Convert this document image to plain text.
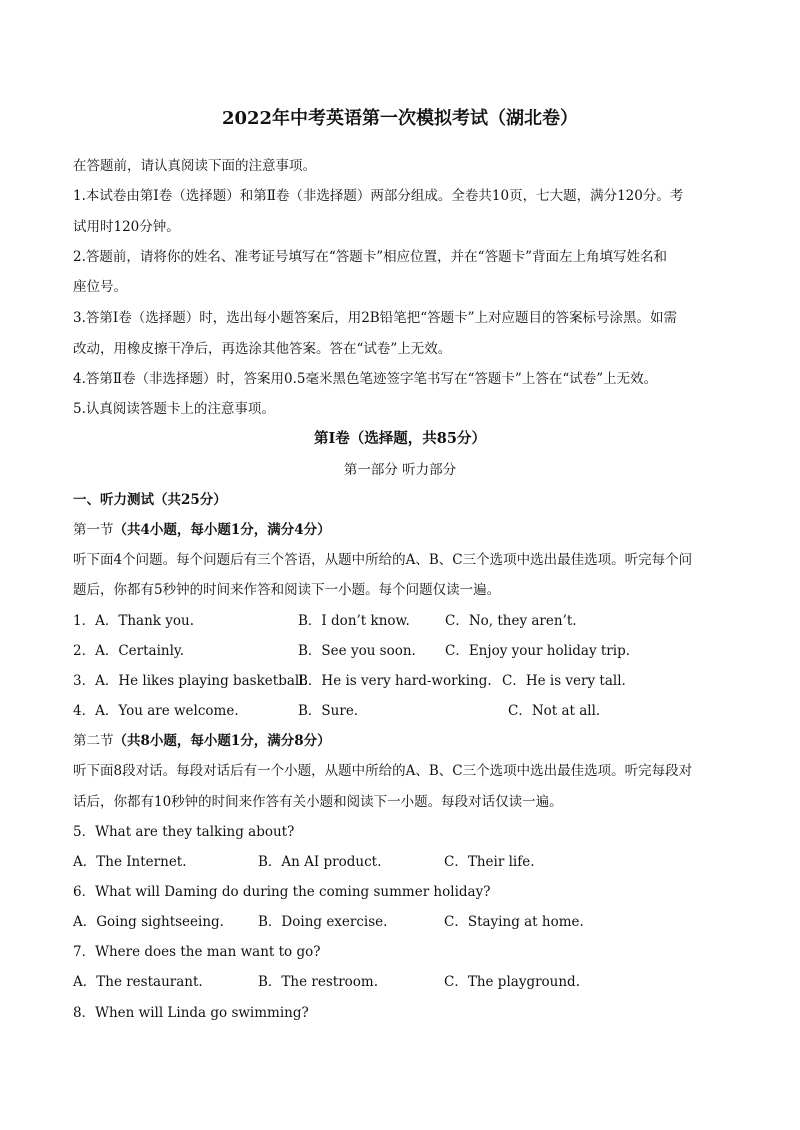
2022年中考英语第一次模拟考试（湖北卷）
在答题前，请认真阅读下面的注意事项。
1.本试卷由第Ⅰ卷（选择题）和第Ⅱ卷（非选择题）两部分组成。全卷共10页，七大题，满分120分。考
试用时120分钟。
2.答题前，请将你的姓名、准考证号填写在“答题卡”相应位置，并在“答题卡”背面左上角填写姓名和
座位号。
3.答第Ⅰ卷（选择题）时，选出每小题答案后，用2B铅笔把“答题卡”上对应题目的答案标号涂黑。如需
改动，用橡皮擦干净后，再选涂其他答案。答在“试卷”上无效。
4.答第Ⅱ卷（非选择题）时，答案用0.5毫米黑色笔迹签字笔书写在“答题卡”上答在“试卷”上无效。
5.认真阅读答题卡上的注意事项。
第Ⅰ卷（选择题，共85分）
第一部分 听力部分
一、听力测试（共25分）
第一节（共4小题，每小题1分，满分4分）
听下面4个问题。每个问题后有三个答语，从题中所给的A、B、C三个选项中选出最佳选项。听完每个问
题后，你都有5秒钟的时间来作答和阅读下一小题。每个问题仅读一遍。
1．A．Thank you.	B．I don’t know.	C．No, they aren’t.
2．A．Certainly.	B．See you soon. C．Enjoy your holiday trip.
3．A．He likes playing basketball.
B．He is very hard-working. C．He is very tall.
4．A．You are welcome.	B．Sure.	C．Not at all.
第二节（共8小题，每小题1分，满分8分）
听下面8段对话。每段对话后有一个小题，从题中所给的A、B、C三个选项中选出最佳选项。听完每段对
话后，你都有10秒钟的时间来作答有关小题和阅读下一小题。每段对话仅读一遍。
5．What are they talking about?
A．The Internet.	B．An AI product.	C．Their life.
6．What will Daming do during the coming summer holiday?
A．Going sightseeing.	B．Doing exercise.	C．Staying at home.
7．Where does the man want to go?
A．The restaurant.	B．The restroom.	C．The playground.
8．When will Linda go swimming?
